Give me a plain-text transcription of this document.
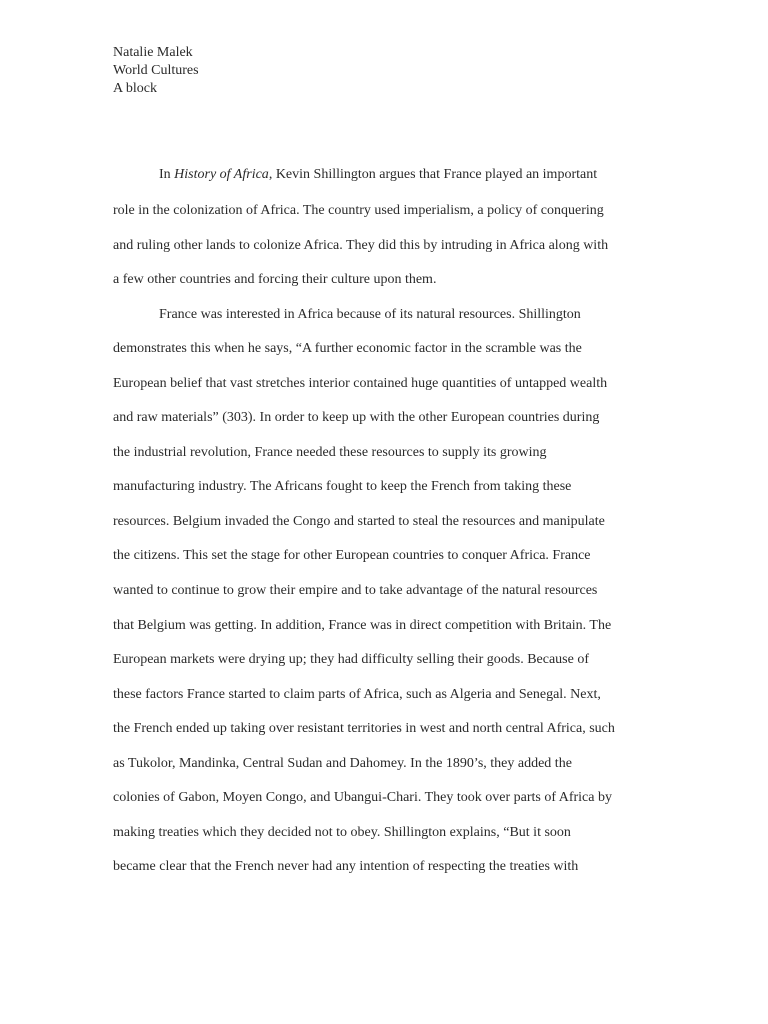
Natalie Malek
World Cultures
A block
In History of Africa, Kevin Shillington argues that France played an important
role in the colonization of Africa. The country used imperialism, a policy of conquering
and ruling other lands to colonize Africa. They did this by intruding in Africa along with
a few other countries and forcing their culture upon them.
France was interested in Africa because of its natural resources. Shillington
demonstrates this when he says, “A further economic factor in the scramble was the
European belief that vast stretches interior contained huge quantities of untapped wealth
and raw materials” (303). In order to keep up with the other European countries during
the industrial revolution, France needed these resources to supply its growing
manufacturing industry. The Africans fought to keep the French from taking these
resources. Belgium invaded the Congo and started to steal the resources and manipulate
the citizens. This set the stage for other European countries to conquer Africa. France
wanted to continue to grow their empire and to take advantage of the natural resources
that Belgium was getting. In addition, France was in direct competition with Britain. The
European markets were drying up; they had difficulty selling their goods. Because of
these factors France started to claim parts of Africa, such as Algeria and Senegal. Next,
the French ended up taking over resistant territories in west and north central Africa, such
as Tukolor, Mandinka, Central Sudan and Dahomey. In the 1890’s, they added the
colonies of Gabon, Moyen Congo, and Ubangui-Chari. They took over parts of Africa by
making treaties which they decided not to obey. Shillington explains, “But it soon
became clear that the French never had any intention of respecting the treaties with
